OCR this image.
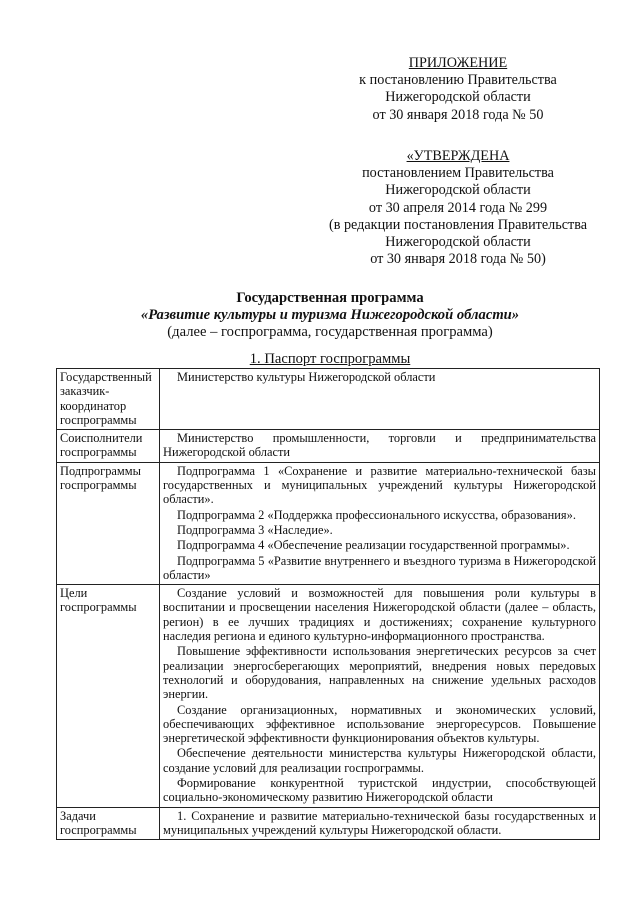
ПРИЛОЖЕНИЕ
к постановлению Правительства
Нижегородской области
от 30 января 2018 года № 50
«УТВЕРЖДЕНА
постановлением Правительства
Нижегородской области
от 30 апреля 2014 года № 299
(в редакции постановления Правительства
Нижегородской области
от 30 января 2018 года № 50)
Государственная программа
«Развитие культуры и туризма Нижегородской области»
(далее – госпрограмма, государственная программа)
1. Паспорт госпрограммы
Государственный заказчик-координатор госпрограммы	Министерство культуры Нижегородской области

Соисполнители госпрограммы	Министерство промышленности, торговли и предпринимательства Нижегородской области

Подпрограммы госпрограммы	Подпрограмма 1 «Сохранение и развитие материально-технической базы государственных и муниципальных учреждений культуры Нижегородской области».
Подпрограмма 2 «Поддержка профессионального искусства, образования».
Подпрограмма 3 «Наследие».
Подпрограмма 4 «Обеспечение реализации государственной программы».
Подпрограмма 5 «Развитие внутреннего и въездного туризма в Нижегородской области»

Цели госпрограммы	Создание условий и возможностей для повышения роли культуры в воспитании и просвещении населения Нижегородской области (далее – область, регион) в ее лучших традициях и достижениях; сохранение культурного наследия региона и единого культурно-информационного пространства.
Повышение эффективности использования энергетических ресурсов за счет реализации энергосберегающих мероприятий, внедрения новых передовых технологий и оборудования, направленных на снижение удельных расходов энергии.
Создание организационных, нормативных и экономических условий, обеспечивающих эффективное использование энергоресурсов. Повышение энергетической эффективности функционирования объектов культуры.
Обеспечение деятельности министерства культуры Нижегородской области, создание условий для реализации госпрограммы.
Формирование конкурентной туристской индустрии, способствующей социально-экономическому развитию Нижегородской области

Задачи госпрограммы	1. Сохранение и развитие материально-технической базы государственных и муниципальных учреждений культуры Нижегородской области.
